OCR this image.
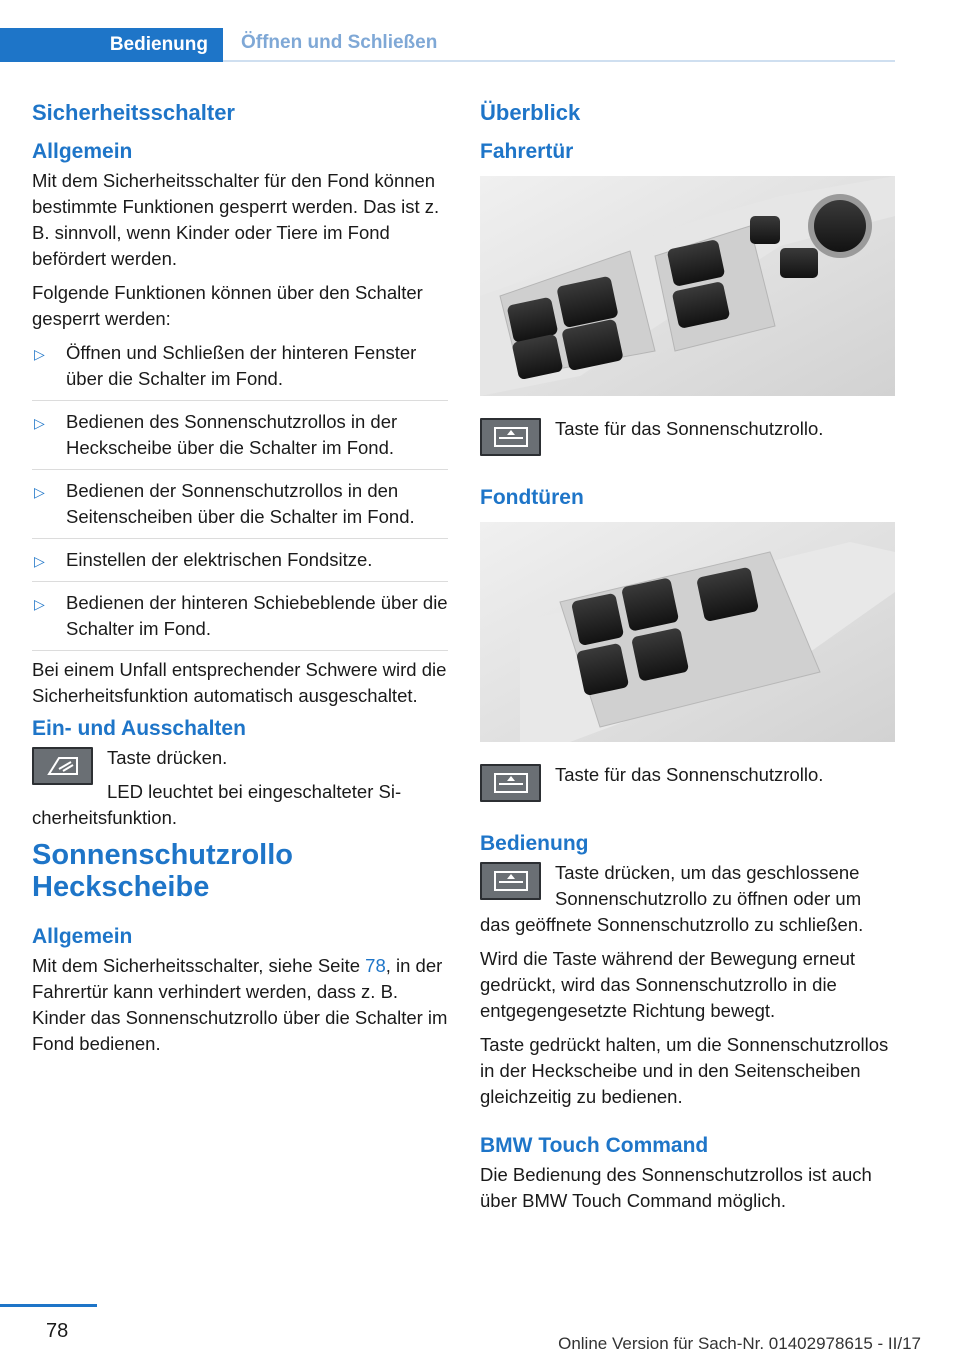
Bedienung	Öffnen und Schließen
Sicherheitsschalter
Allgemein

Mit dem Sicherheitsschalter für den Fond können bestimmte Funktionen gesperrt werden. Das ist z. B. sinnvoll, wenn Kinder oder Tiere im Fond befördert werden.

Folgende Funktionen können über den Schalter gesperrt werden:

▷ Öffnen und Schließen der hinteren Fenster über die Schalter im Fond.
▷ Bedienen des Sonnenschutzrollos in der Heckscheibe über die Schalter im Fond.
▷ Bedienen der Sonnenschutzrollos in den Seitenscheiben über die Schalter im Fond.
▷ Einstellen der elektrischen Fondsitze.
▷ Bedienen der hinteren Schiebeblende über die Schalter im Fond.

Bei einem Unfall entsprechender Schwere wird die Sicherheitsfunktion automatisch ausgeschaltet.

Ein- und Ausschalten

Taste drücken.

LED leuchtet bei eingeschalteter Sicherheitsfunktion.

Sonnenschutzrollo
Heckscheibe
Allgemein

Mit dem Sicherheitsschalter, siehe Seite 78, in der Fahrertür kann verhindert werden, dass z. B. Kinder das Sonnenschutzrollo über die Schalter im Fond bedienen.

Überblick
Fahrertür

Taste für das Sonnenschutzrollo.

Fondtüren

Taste für das Sonnenschutzrollo.

Bedienung

Taste drücken, um das geschlossene Sonnenschutzrollo zu öffnen oder um das geöffnete Sonnenschutzrollo zu schließen.

Wird die Taste während der Bewegung erneut gedrückt, wird das Sonnenschutzrollo in die entgegengesetzte Richtung bewegt.

Taste gedrückt halten, um die Sonnenschutzrollos in der Heckscheibe und in den Seitenscheiben gleichzeitig zu bedienen.

BMW Touch Command

Die Bedienung des Sonnenschutzrollos ist auch über BMW Touch Command möglich.

78
Online Version für Sach-Nr. 01402978615 - II/17
